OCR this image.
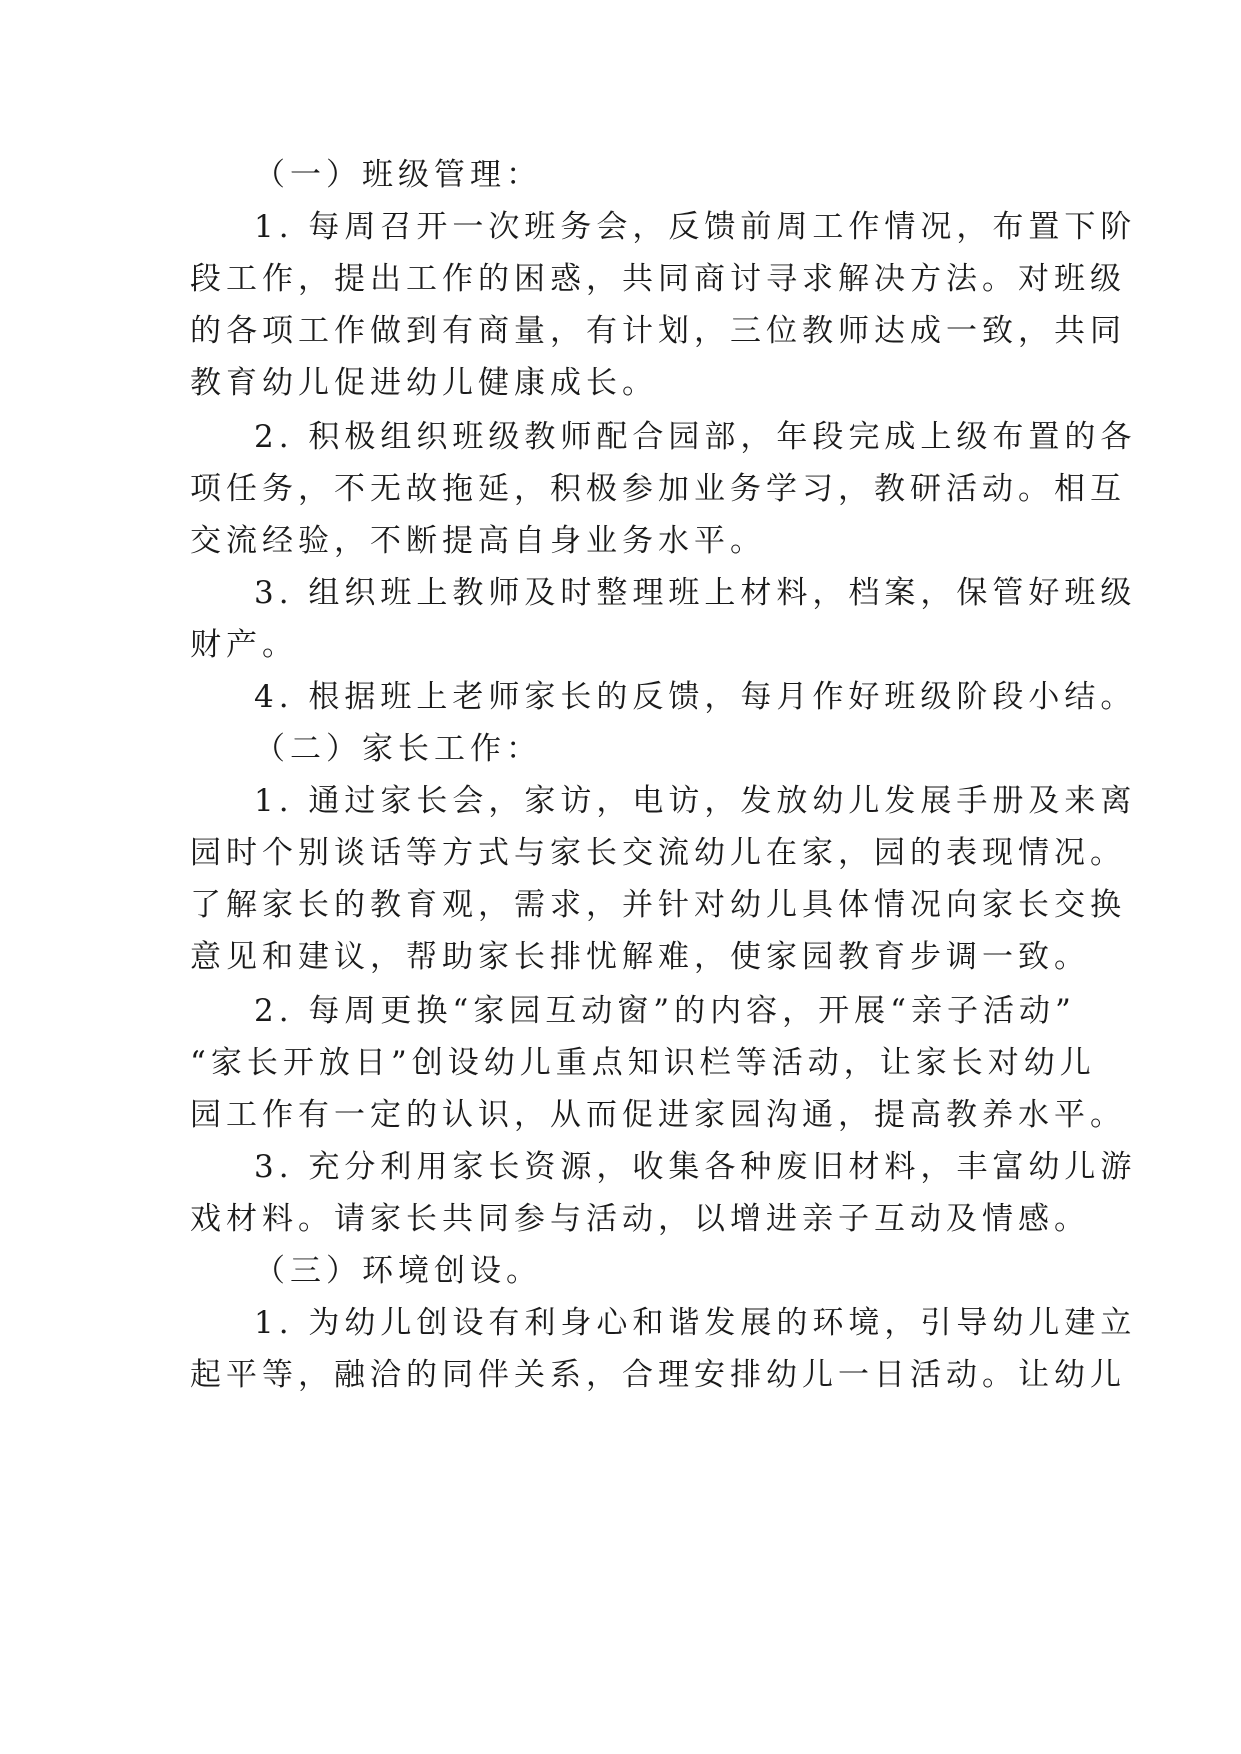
（一）班级管理：
1. 每周召开一次班务会，反馈前周工作情况，布置下阶
段工作，提出工作的困惑，共同商讨寻求解决方法。对班级
的各项工作做到有商量，有计划，三位教师达成一致，共同
教育幼儿促进幼儿健康成长。
2. 积极组织班级教师配合园部，年段完成上级布置的各
项任务，不无故拖延，积极参加业务学习，教研活动。相互
交流经验，不断提高自身业务水平。
3. 组织班上教师及时整理班上材料，档案，保管好班级
财产。
4. 根据班上老师家长的反馈，每月作好班级阶段小结。
（二）家长工作：
1. 通过家长会，家访，电访，发放幼儿发展手册及来离
园时个别谈话等方式与家长交流幼儿在家，园的表现情况。
了解家长的教育观，需求，并针对幼儿具体情况向家长交换
意见和建议，帮助家长排忧解难，使家园教育步调一致。
2. 每周更换“家园互动窗”的内容，开展“亲子活动”
“家长开放日”创设幼儿重点知识栏等活动，让家长对幼儿
园工作有一定的认识，从而促进家园沟通，提高教养水平。
3. 充分利用家长资源，收集各种废旧材料，丰富幼儿游
戏材料。请家长共同参与活动，以增进亲子互动及情感。
（三）环境创设。
1. 为幼儿创设有利身心和谐发展的环境，引导幼儿建立
起平等，融洽的同伴关系，合理安排幼儿一日活动。让幼儿
